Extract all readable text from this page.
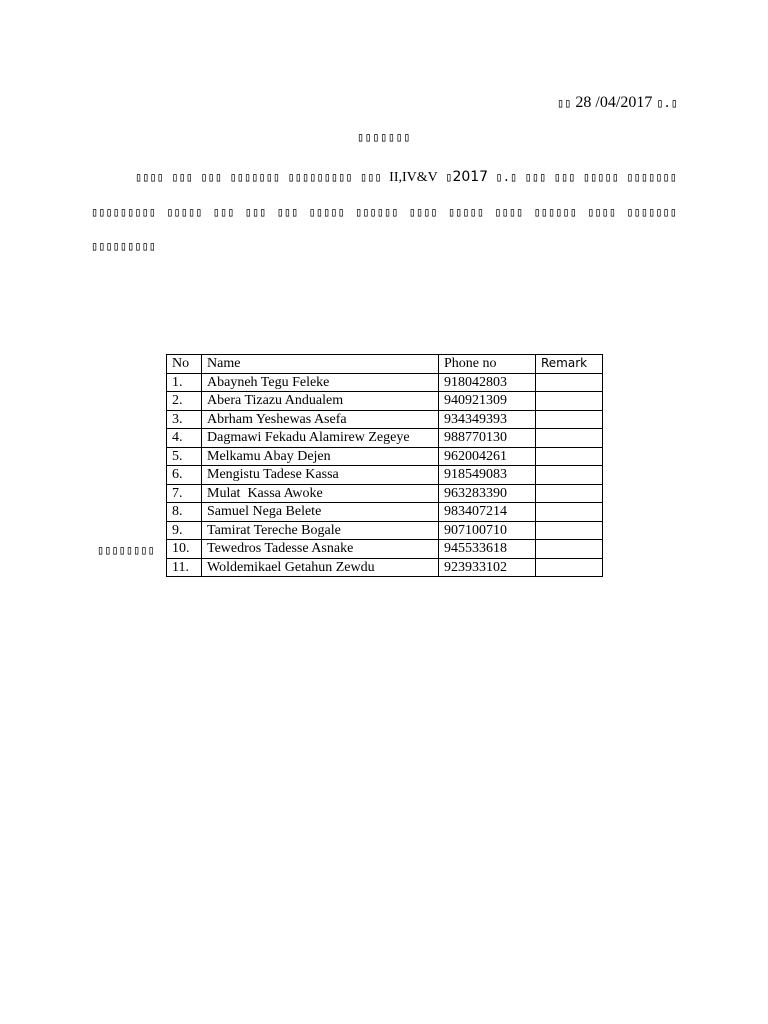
▯▯ 28 /04/2017 ▯.▯
▯▯▯▯▯▯▯
▯▯▯▯ ▯▯▯ ▯▯▯ ▯▯▯▯▯▯▯ ▯▯▯▯▯▯▯▯▯ ▯▯▯ II,IV&V ▯2017 ▯.▯ ▯▯▯ ▯▯▯ ▯▯▯▯▯ ▯▯▯▯▯▯▯ ▯▯▯▯▯▯▯▯▯ ▯▯▯▯▯ ▯▯▯ ▯▯▯ ▯▯▯ ▯▯▯▯▯ ▯▯▯▯▯▯ ▯▯▯▯ ▯▯▯▯▯ ▯▯▯▯ ▯▯▯▯▯▯ ▯▯▯▯ ▯▯▯▯▯▯▯ ▯▯▯▯▯▯▯▯▯
▯▯▯▯▯▯▯▯
No	Name	Phone no	Remark
1.	Abayneh Tegu Feleke	918042803	
2.	Abera Tizazu Andualem	940921309	
3.	Abrham Yeshewas Asefa	934349393	
4.	Dagmawi Fekadu Alamirew Zegeye	988770130	
5.	Melkamu Abay Dejen	962004261	
6.	Mengistu Tadese Kassa	918549083	
7.	Mulat  Kassa Awoke	963283390	
8.	Samuel Nega Belete	983407214	
9.	Tamirat Tereche Bogale	907100710	
10.	Tewedros Tadesse Asnake	945533618	
11.	Woldemikael Getahun Zewdu	923933102	
